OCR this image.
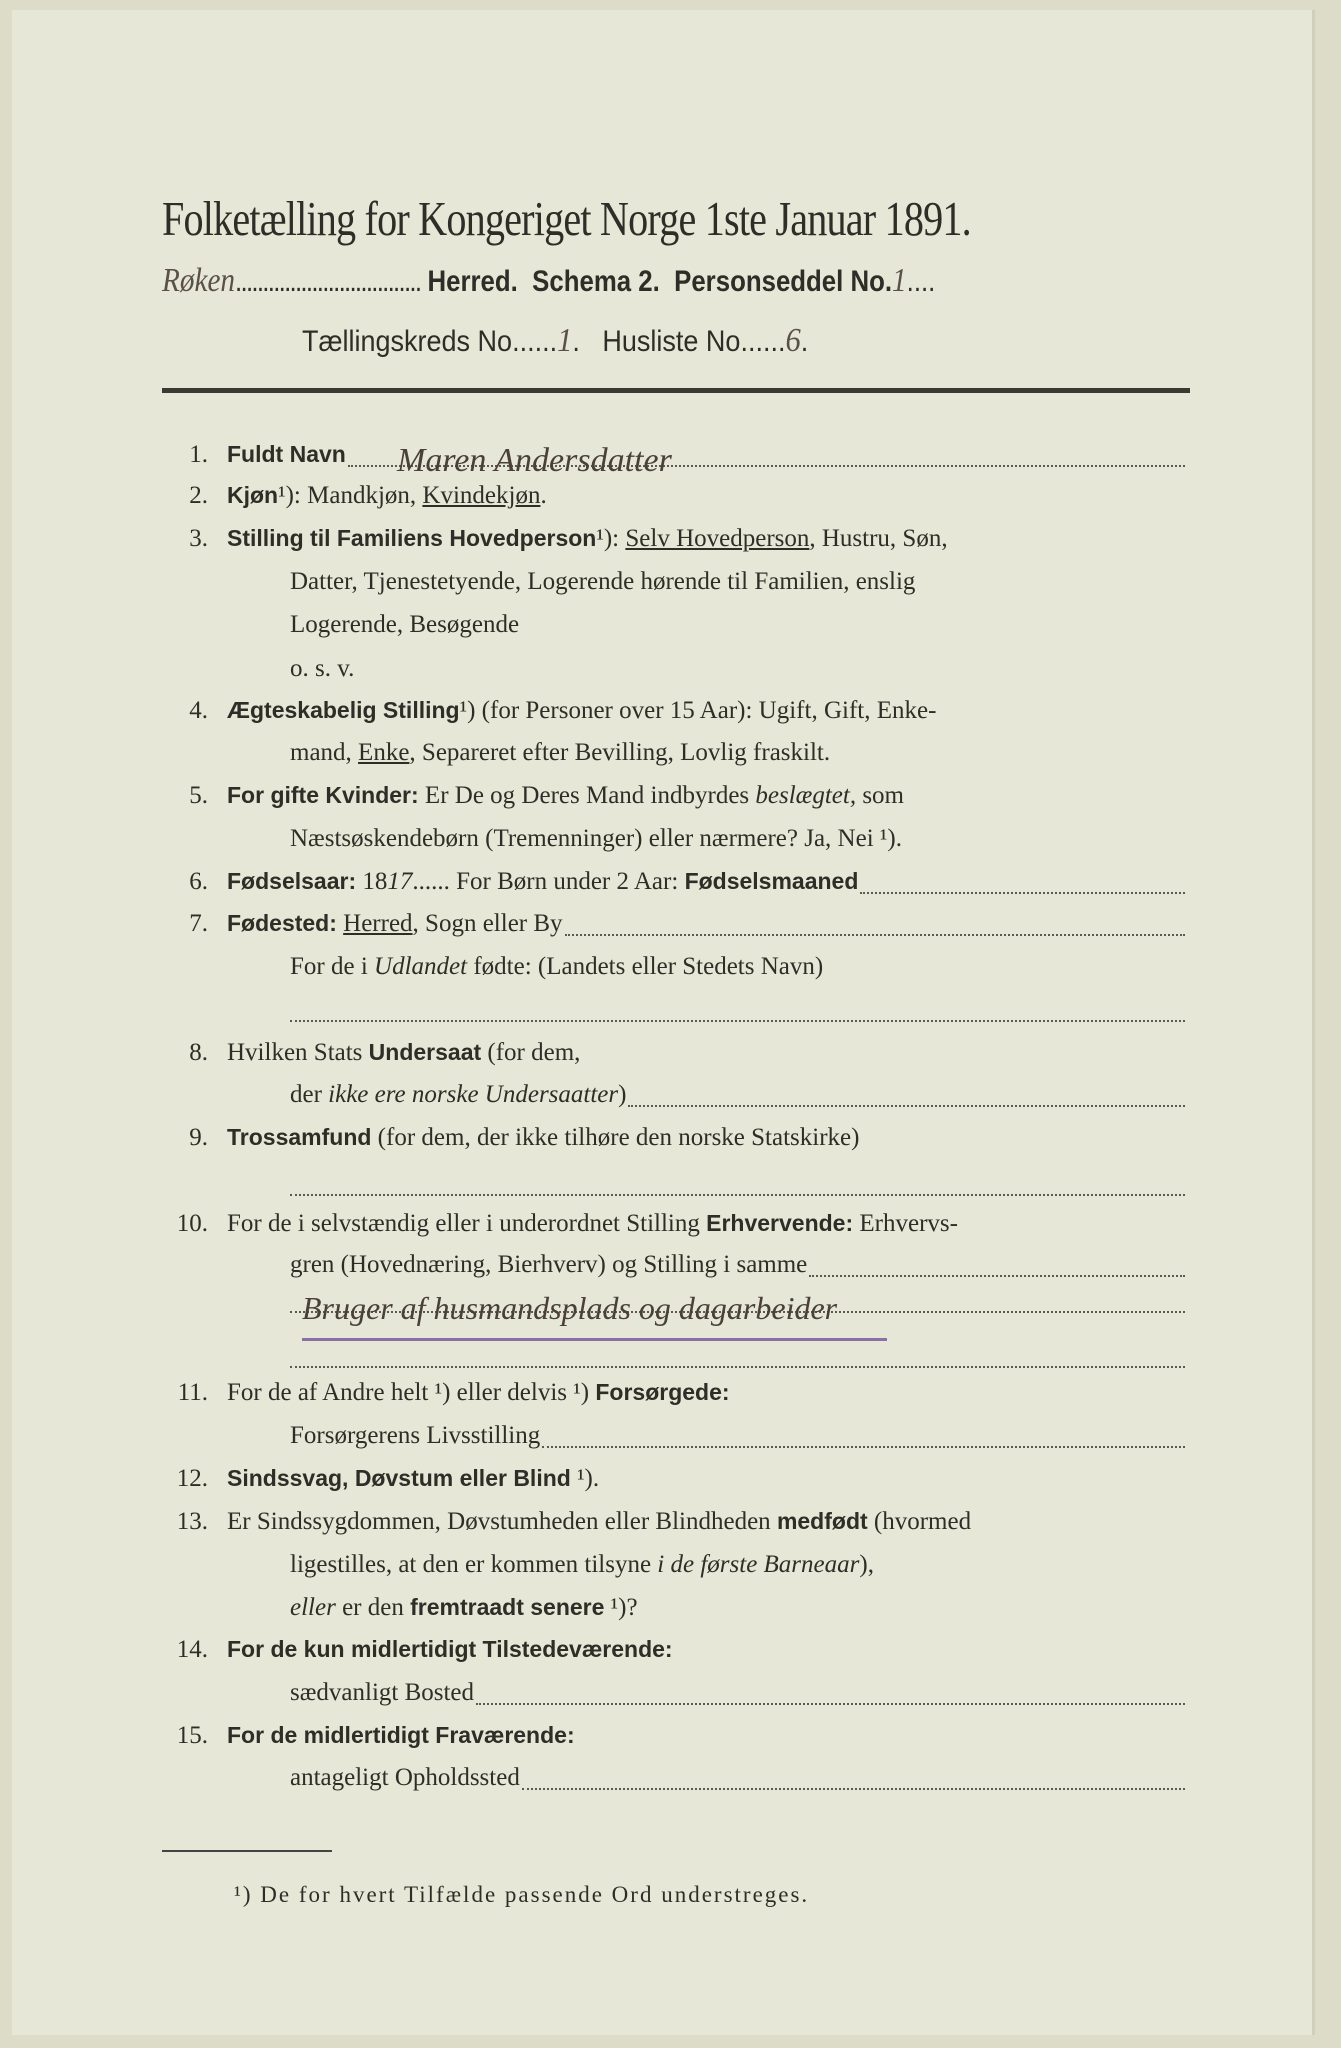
Folketælling for Kongeriget Norge 1ste Januar 1891.
Røken.................................. Herred. Schema 2. Personseddel No.1....
Tællingskreds No......1.   Husliste No......6.
1. Fuldt Navn
2. Kjøn¹): Mandkjøn, Kvindekjøn.
3. Stilling til Familiens Hovedperson¹): Selv Hovedperson, Hustru, Søn,
Datter, Tjenestetyende, Logerende hørende til Familien, enslig
Logerende, Besøgende
o. s. v.
4. Ægteskabelig Stilling¹) (for Personer over 15 Aar): Ugift, Gift, Enke-
mand, Enke, Separeret efter Bevilling, Lovlig fraskilt.
5. For gifte Kvinder: Er De og Deres Mand indbyrdes beslægtet, som
Næstsøskendebørn (Tremenninger) eller nærmere? Ja, Nei ¹).
6. Fødselsaar: 1817...... For Børn under 2 Aar: Fødselsmaaned
7. Fødested: Herred, Sogn eller By
For de i Udlandet fødte: (Landets eller Stedets Navn)
8. Hvilken Stats Undersaat (for dem,
der ikke ere norske Undersaatter)
9. Trossamfund (for dem, der ikke tilhøre den norske Statskirke)
10. For de i selvstændig eller i underordnet Stilling Erhvervende: Erhvervs-
gren (Hovednæring, Bierhverv) og Stilling i samme
11. For de af Andre helt ¹) eller delvis ¹) Forsørgede:
Forsørgerens Livsstilling
12. Sindssvag, Døvstum eller Blind ¹).
13. Er Sindssygdommen, Døvstumheden eller Blindheden medfødt (hvormed
ligestilles, at den er kommen tilsyne i de første Barneaar),
eller er den fremtraadt senere ¹)?
14. For de kun midlertidigt Tilstedeværende:
sædvanligt Bosted
15. For de midlertidigt Fraværende:
antageligt Opholdssted
Maren Andersdatter
Bruger af husmandsplads og dagarbeider
¹) De for hvert Tilfælde passende Ord understreges.
